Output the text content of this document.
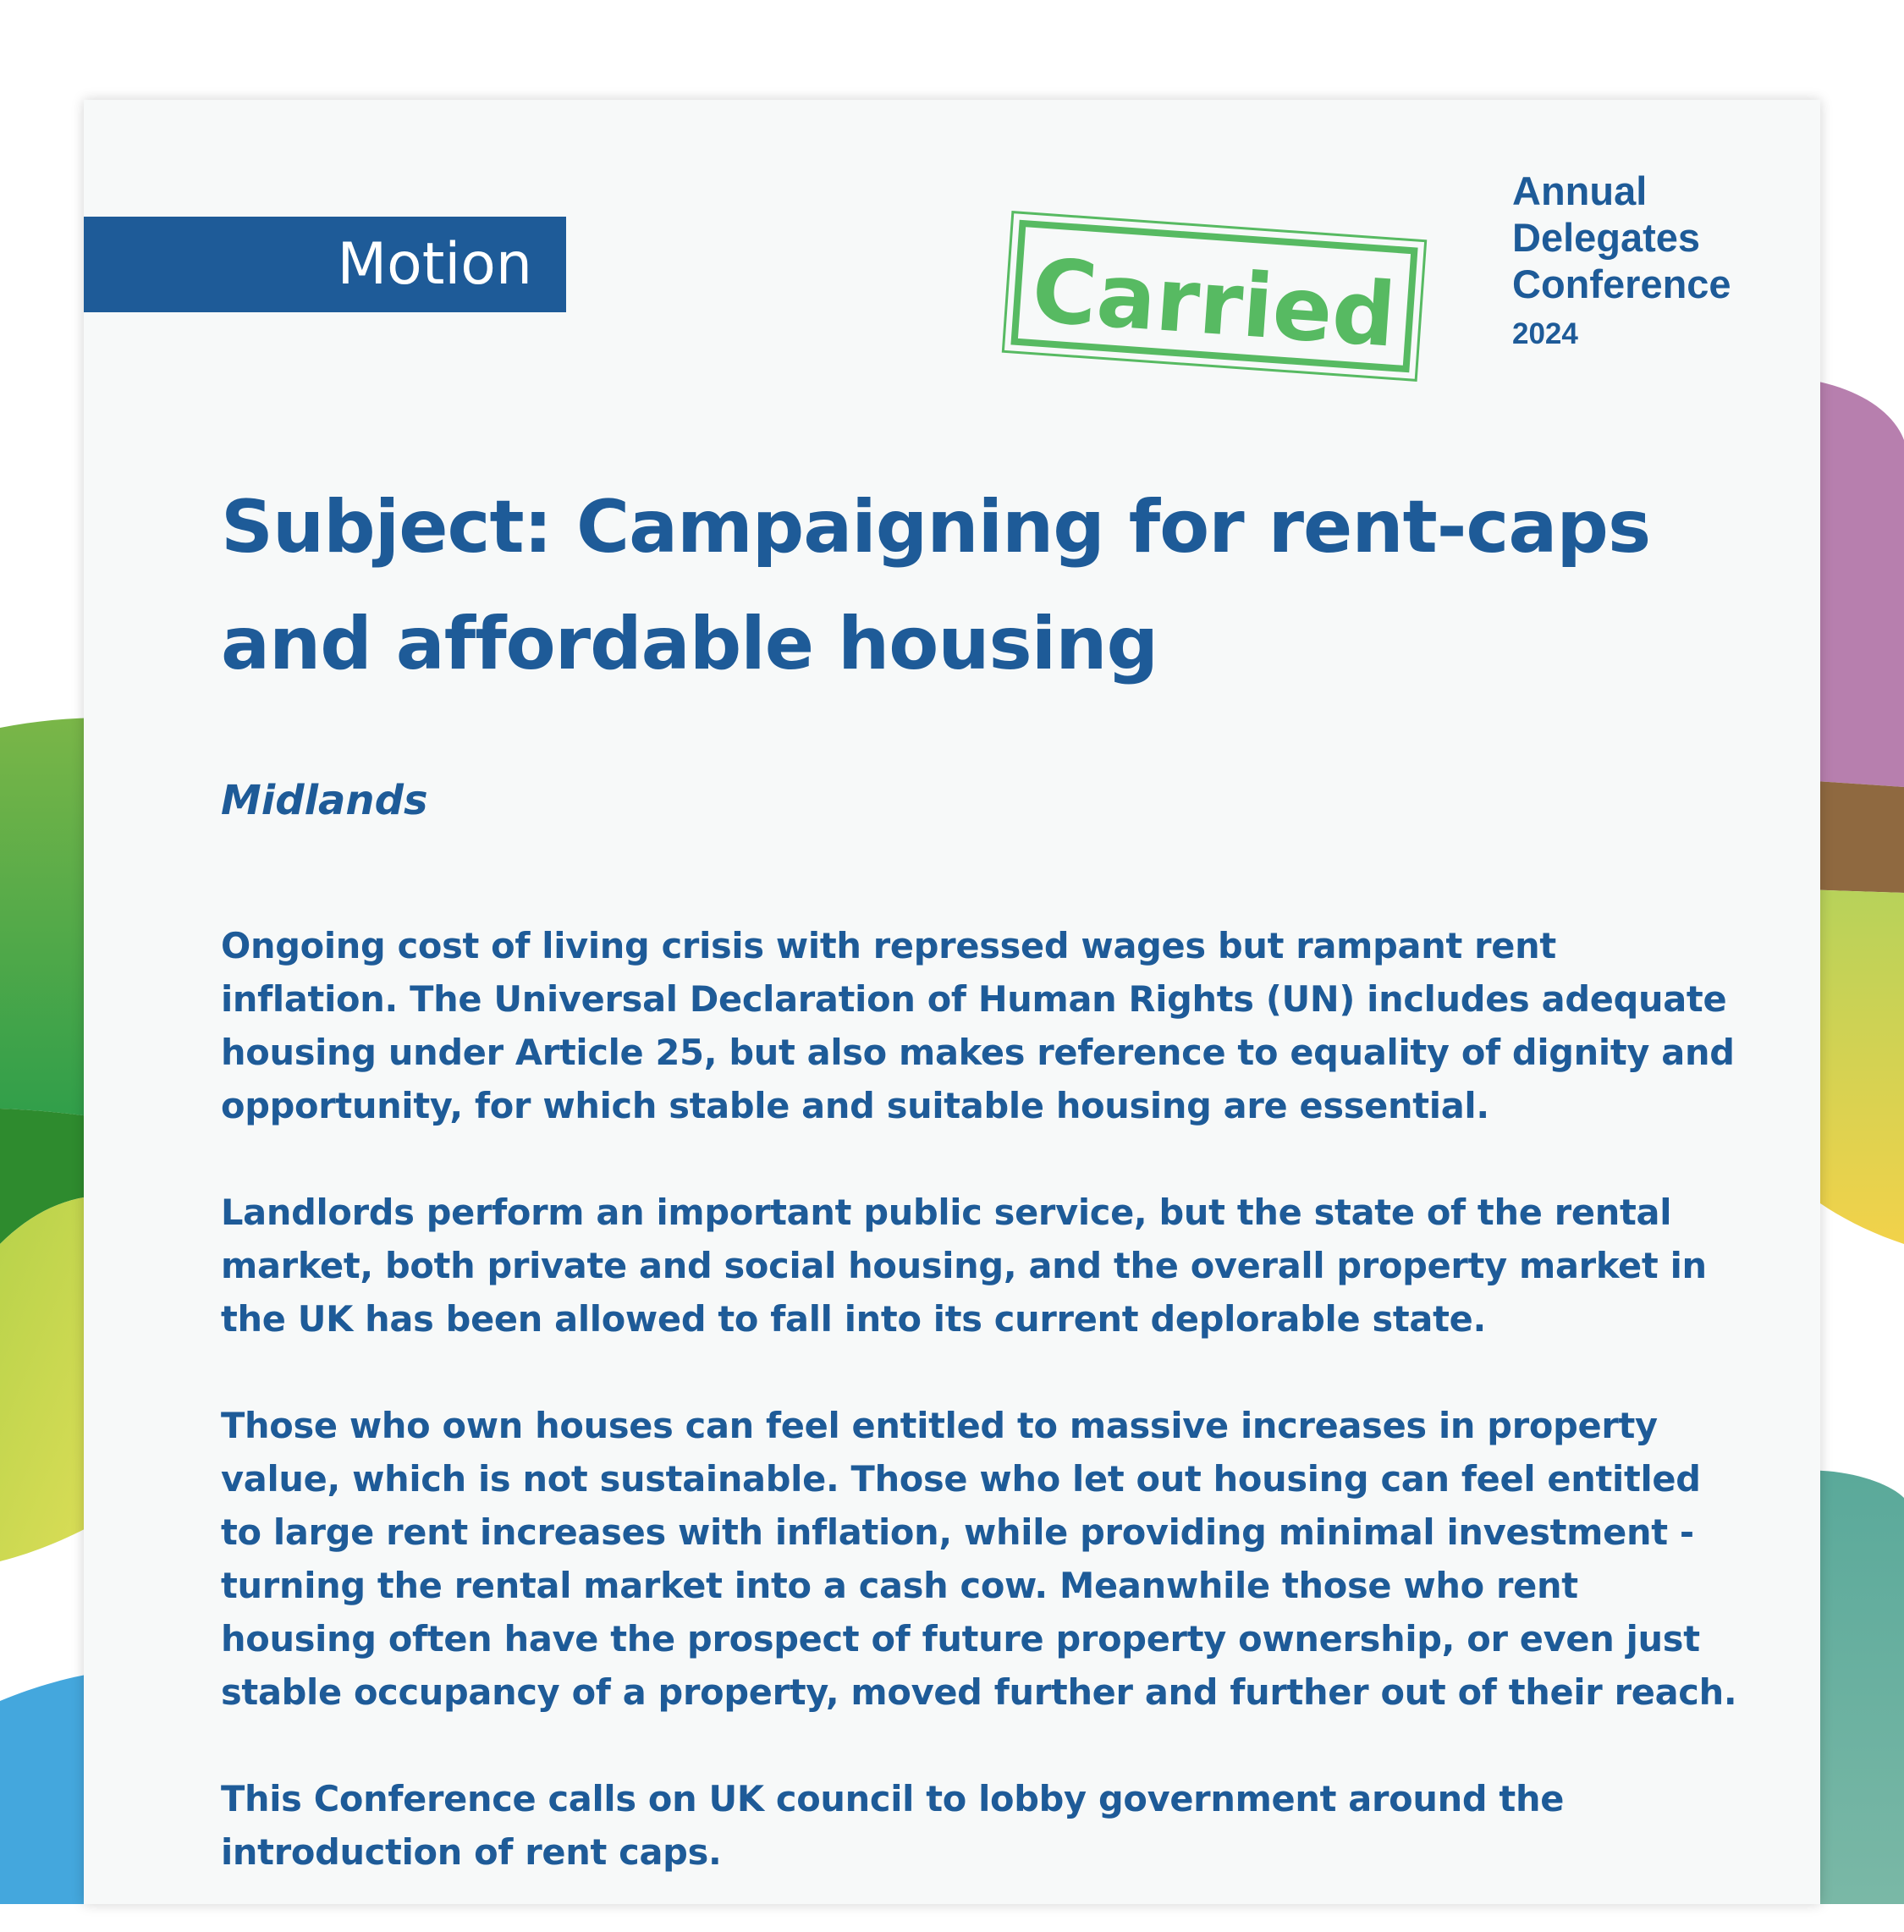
Motion	Carried
Annual
Delegates
Conference
2024
Subject: Campaigning for rent-caps
and affordable housing
Midlands

Ongoing cost of living crisis with repressed wages but rampant rent inflation. The Universal Declaration of Human Rights (UN) includes adequate housing under Article 25, but also makes reference to equality of dignity and opportunity, for which stable and suitable housing are essential.

Landlords perform an important public service, but the state of the rental market, both private and social housing, and the overall property market in the UK has been allowed to fall into its current deplorable state.

Those who own houses can feel entitled to massive increases in property value, which is not sustainable. Those who let out housing can feel entitled to large rent increases with inflation, while providing minimal investment - turning the rental market into a cash cow. Meanwhile those who rent housing often have the prospect of future property ownership, or even just stable occupancy of a property, moved further and further out of their reach.

This Conference calls on UK council to lobby government around the introduction of rent caps.
